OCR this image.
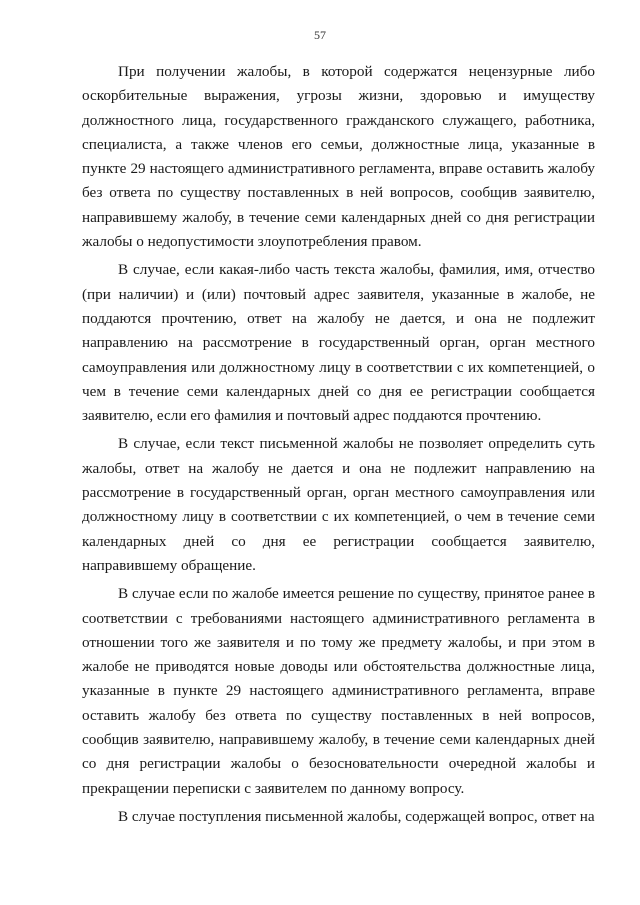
57

При получении жалобы, в которой содержатся нецензурные либо оскорбительные выражения, угрозы жизни, здоровью и имуществу должностного лица, государственного гражданского служащего, работника, специалиста, а также членов его семьи, должностные лица, указанные в пункте 29 настоящего административного регламента, вправе оставить жалобу без ответа по существу поставленных в ней вопросов, сообщив заявителю, направившему жалобу, в течение семи календарных дней со дня регистрации жалобы о недопустимости злоупотребления правом.

В случае, если какая-либо часть текста жалобы, фамилия, имя, отчество (при наличии) и (или) почтовый адрес заявителя, указанные в жалобе, не поддаются прочтению, ответ на жалобу не дается, и она не подлежит направлению на рассмотрение в государственный орган, орган местного самоуправления или должностному лицу в соответствии с их компетенцией, о чем в течение семи календарных дней со дня ее регистрации сообщается заявителю, если его фамилия и почтовый адрес поддаются прочтению.

В случае, если текст письменной жалобы не позволяет определить суть жалобы, ответ на жалобу не дается и она не подлежит направлению на рассмотрение в государственный орган, орган местного самоуправления или должностному лицу в соответствии с их компетенцией, о чем в течение семи календарных дней со дня ее регистрации сообщается заявителю, направившему обращение.

В случае если по жалобе имеется решение по существу, принятое ранее в соответствии с требованиями настоящего административного регламента в отношении того же заявителя и по тому же предмету жалобы, и при этом в жалобе не приводятся новые доводы или обстоятельства должностные лица, указанные в пункте 29 настоящего административного регламента, вправе оставить жалобу без ответа по существу поставленных в ней вопросов, сообщив заявителю, направившему жалобу, в течение семи календарных дней со дня регистрации жалобы о безосновательности очередной жалобы и прекращении переписки с заявителем по данному вопросу.

В случае поступления письменной жалобы, содержащей вопрос, ответ на
